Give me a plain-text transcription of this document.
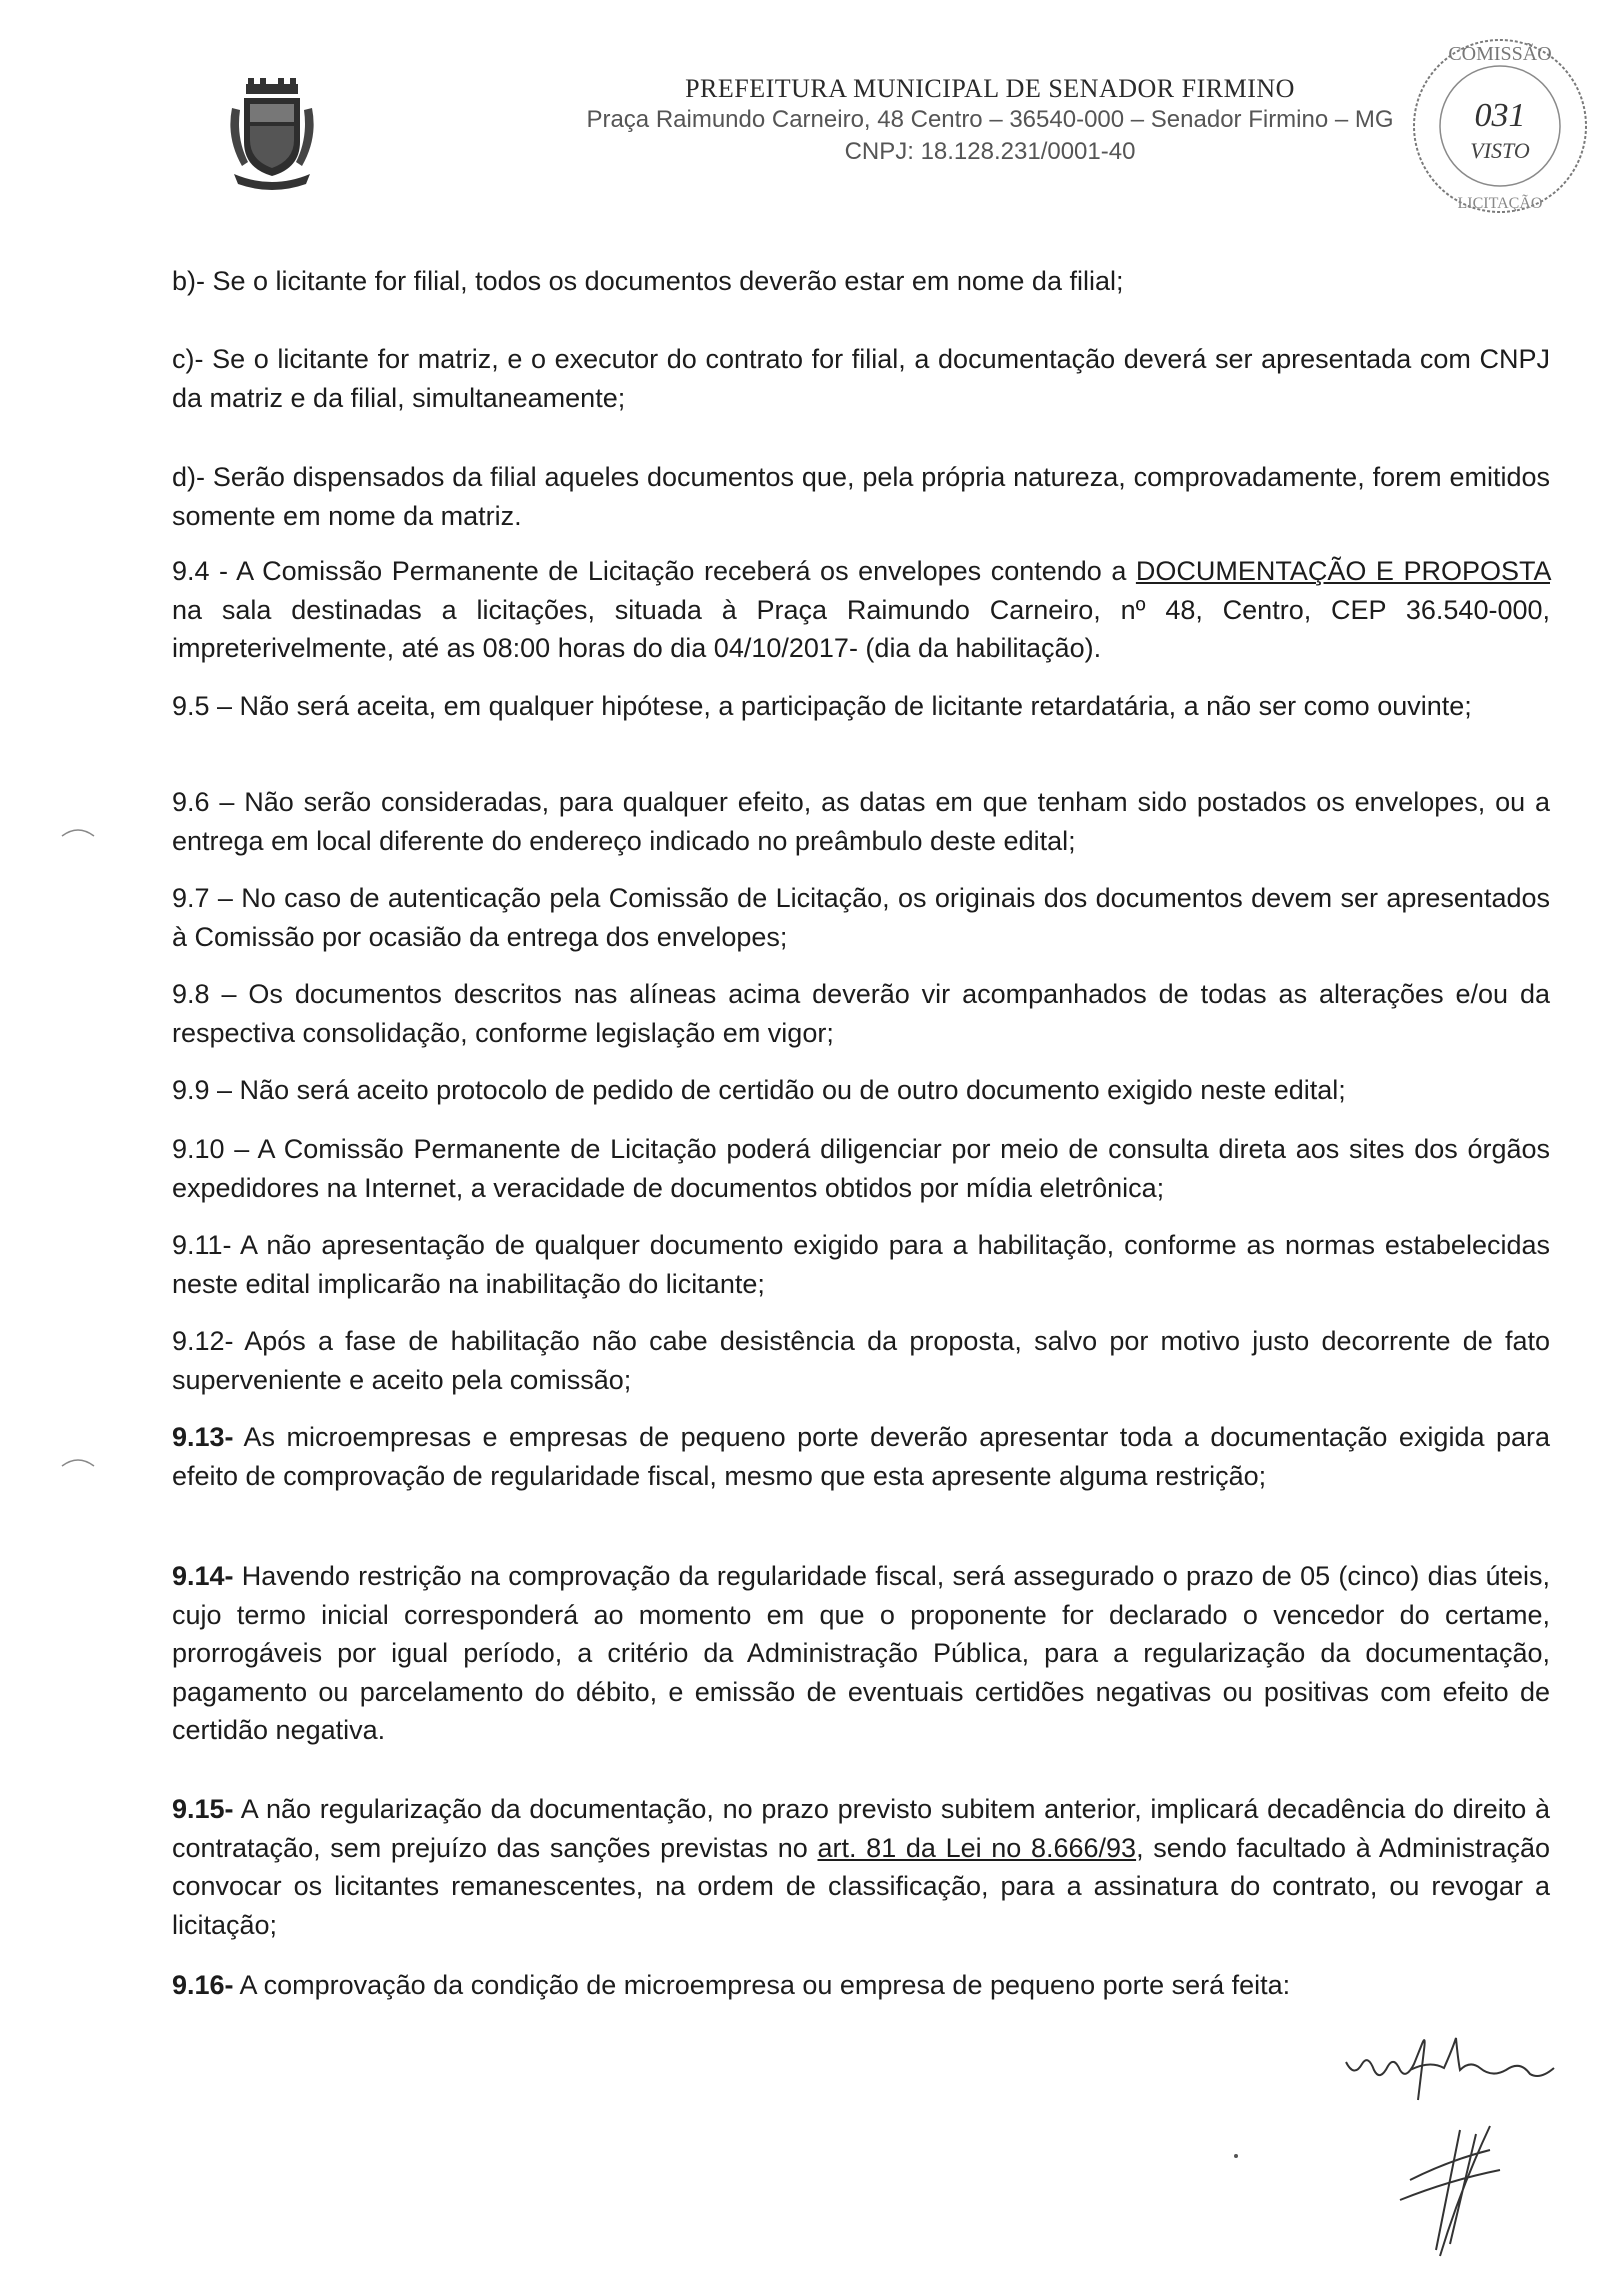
PREFEITURA MUNICIPAL DE SENADOR FIRMINO
Praça Raimundo Carneiro, 48 Centro – 36540-000 – Senador Firmino – MG
CNPJ: 18.128.231/0001-40
COMISSÃO
031
VISTO
LICITAÇÃO

b)- Se o licitante for filial, todos os documentos deverão estar em nome da filial;

c)- Se o licitante for matriz, e o executor do contrato for filial, a documentação deverá ser apresentada com CNPJ da matriz e da filial, simultaneamente;

d)- Serão dispensados da filial aqueles documentos que, pela própria natureza, comprovadamente, forem emitidos somente em nome da matriz.

9.4 - A Comissão Permanente de Licitação receberá os envelopes contendo a DOCUMENTAÇÃO E PROPOSTA na sala destinadas a licitações, situada à Praça Raimundo Carneiro, nº 48, Centro, CEP 36.540-000, impreterivelmente, até as 08:00 horas do dia 04/10/2017- (dia da habilitação).

9.5 – Não será aceita, em qualquer hipótese, a participação de licitante retardatária, a não ser como ouvinte;

9.6 – Não serão consideradas, para qualquer efeito, as datas em que tenham sido postados os envelopes, ou a entrega em local diferente do endereço indicado no preâmbulo deste edital;

9.7 – No caso de autenticação pela Comissão de Licitação, os originais dos documentos devem ser apresentados à Comissão por ocasião da entrega dos envelopes;

9.8 – Os documentos descritos nas alíneas acima deverão vir acompanhados de todas as alterações e/ou da respectiva consolidação, conforme legislação em vigor;

9.9 – Não será aceito protocolo de pedido de certidão ou de outro documento exigido neste edital;

9.10 – A Comissão Permanente de Licitação poderá diligenciar por meio de consulta direta aos sites dos órgãos expedidores na Internet, a veracidade de documentos obtidos por mídia eletrônica;

9.11- A não apresentação de qualquer documento exigido para a habilitação, conforme as normas estabelecidas neste edital implicarão na inabilitação do licitante;

9.12- Após a fase de habilitação não cabe desistência da proposta, salvo por motivo justo decorrente de fato superveniente e aceito pela comissão;

9.13- As microempresas e empresas de pequeno porte deverão apresentar toda a documentação exigida para efeito de comprovação de regularidade fiscal, mesmo que esta apresente alguma restrição;

9.14- Havendo restrição na comprovação da regularidade fiscal, será assegurado o prazo de 05 (cinco) dias úteis, cujo termo inicial corresponderá ao momento em que o proponente for declarado o vencedor do certame, prorrogáveis por igual período, a critério da Administração Pública, para a regularização da documentação, pagamento ou parcelamento do débito, e emissão de eventuais certidões negativas ou positivas com efeito de certidão negativa.

9.15- A não regularização da documentação, no prazo previsto subitem anterior, implicará decadência do direito à contratação, sem prejuízo das sanções previstas no art. 81 da Lei no 8.666/93, sendo facultado à Administração convocar os licitantes remanescentes, na ordem de classificação, para a assinatura do contrato, ou revogar a licitação;

9.16- A comprovação da condição de microempresa ou empresa de pequeno porte será feita:
